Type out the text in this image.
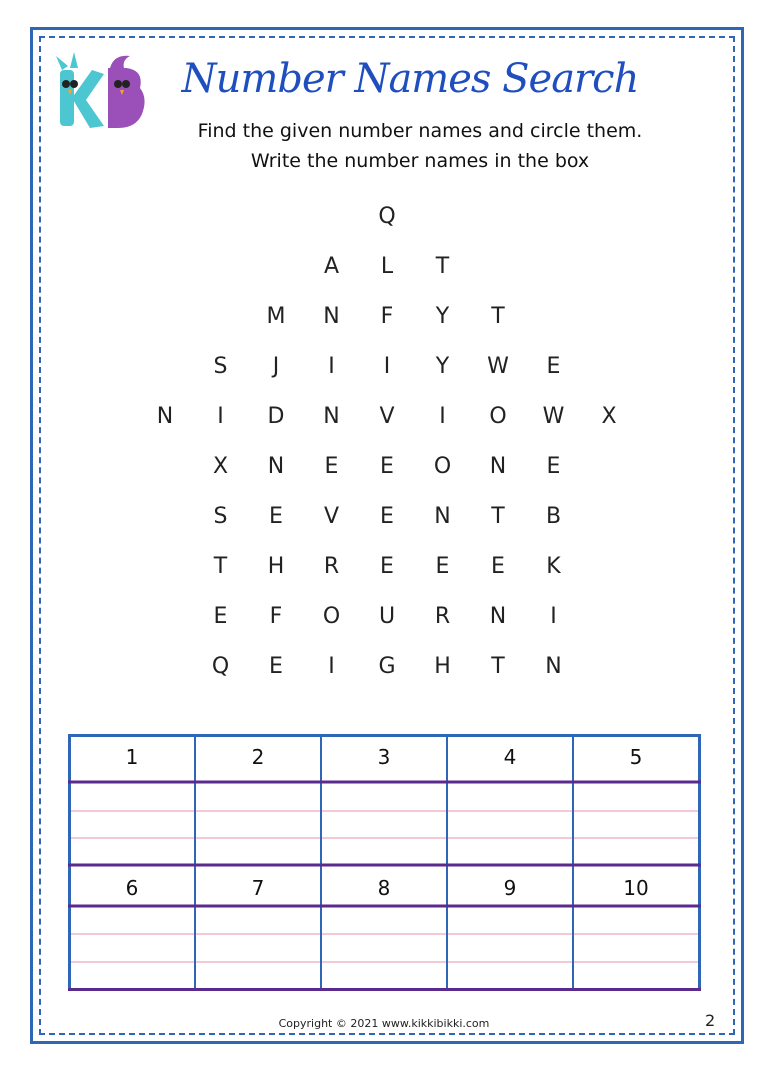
Number Names Search
Find the given number names and circle them.
Write the number names in the box
Q
A	L	T
M	N	F	Y	T
S	J	I	I	Y	W	E
N	I	D	N	V	I	O W	X
X	N	E	E	O	N	E
S	E	V	E	N	T	B
T	H	R	E	E	E	K
E	F	O	U	R	N	I
Q	E	I	G	H	T	N
1	2	3	4	5
6	7	8	9	10
Copyright © 2021 www.kikkibikki.com	2
